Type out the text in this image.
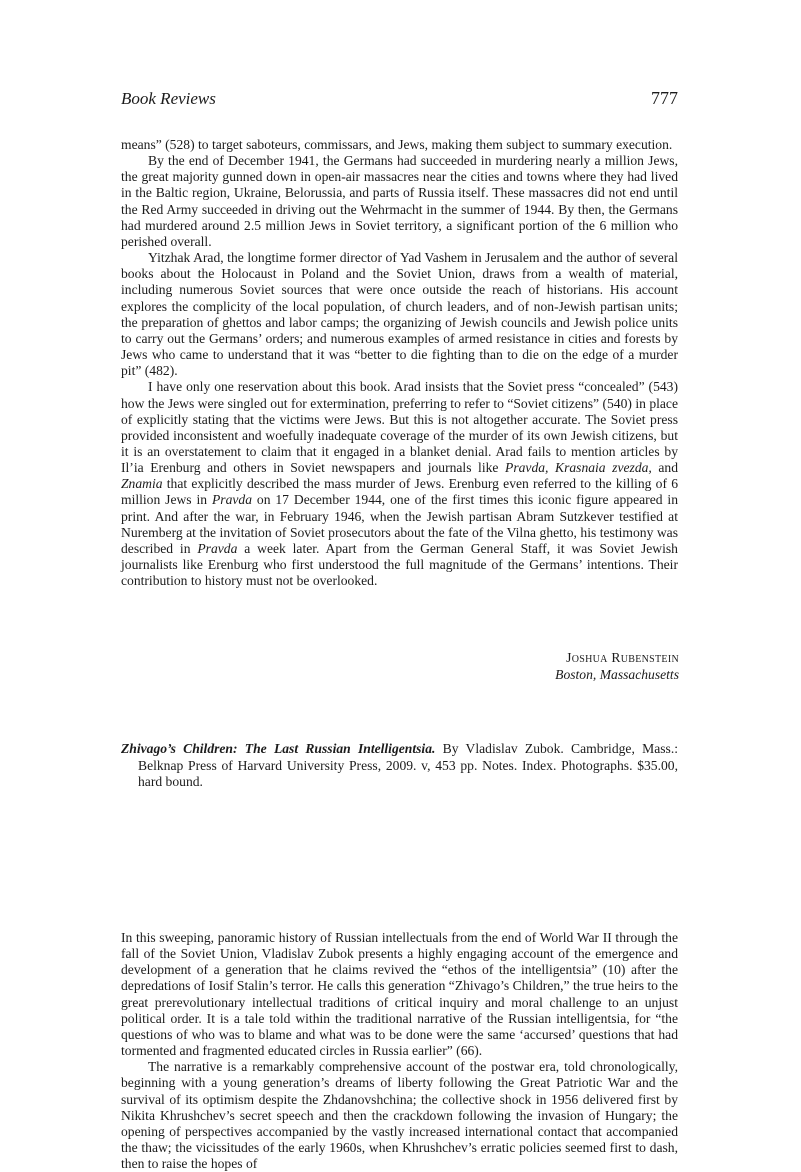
Book Reviews	777

means” (528) to target saboteurs, commissars, and Jews, making them subject to summary execution.

By the end of December 1941, the Germans had succeeded in murdering nearly a million Jews, the great majority gunned down in open-air massacres near the cities and towns where they had lived in the Baltic region, Ukraine, Belorussia, and parts of Russia itself. These massacres did not end until the Red Army succeeded in driving out the Wehrmacht in the summer of 1944. By then, the Germans had murdered around 2.5 million Jews in Soviet territory, a significant portion of the 6 million who perished overall.

Yitzhak Arad, the longtime former director of Yad Vashem in Jerusalem and the author of several books about the Holocaust in Poland and the Soviet Union, draws from a wealth of material, including numerous Soviet sources that were once outside the reach of historians. His account explores the complicity of the local population, of church leaders, and of non-Jewish partisan units; the preparation of ghettos and labor camps; the organizing of Jewish councils and Jewish police units to carry out the Germans’ orders; and numerous examples of armed resistance in cities and forests by Jews who came to understand that it was “better to die fighting than to die on the edge of a murder pit” (482).

I have only one reservation about this book. Arad insists that the Soviet press “concealed” (543) how the Jews were singled out for extermination, preferring to refer to “Soviet citizens” (540) in place of explicitly stating that the victims were Jews. But this is not altogether accurate. The Soviet press provided inconsistent and woefully inadequate coverage of the murder of its own Jewish citizens, but it is an overstatement to claim that it engaged in a blanket denial. Arad fails to mention articles by Il’ia Erenburg and others in Soviet newspapers and journals like Pravda, Krasnaia zvezda, and Znamia that explicitly described the mass murder of Jews. Erenburg even referred to the killing of 6 million Jews in Pravda on 17 December 1944, one of the first times this iconic figure appeared in print. And after the war, in February 1946, when the Jewish partisan Abram Sutzkever testified at Nuremberg at the invitation of Soviet prosecutors about the fate of the Vilna ghetto, his testimony was described in Pravda a week later. Apart from the German General Staff, it was Soviet Jewish journalists like Erenburg who first understood the full magnitude of the Germans’ intentions. Their contribution to history must not be overlooked.

Joshua Rubenstein
Boston, Massachusetts
Zhivago’s Children: The Last Russian Intelligentsia. By Vladislav Zubok. Cambridge, Mass.: Belknap Press of Harvard University Press, 2009. v, 453 pp. Notes. Index. Photographs. $35.00, hard bound.

In this sweeping, panoramic history of Russian intellectuals from the end of World War II through the fall of the Soviet Union, Vladislav Zubok presents a highly engaging account of the emergence and development of a generation that he claims revived the “ethos of the intelligentsia” (10) after the depredations of Iosif Stalin’s terror. He calls this generation “Zhivago’s Children,” the true heirs to the great prerevolutionary intellectual traditions of critical inquiry and moral challenge to an unjust political order. It is a tale told within the traditional narrative of the Russian intelligentsia, for “the questions of who was to blame and what was to be done were the same ‘accursed’ questions that had tormented and fragmented educated circles in Russia earlier” (66).

The narrative is a remarkably comprehensive account of the postwar era, told chronologically, beginning with a young generation’s dreams of liberty following the Great Patriotic War and the survival of its optimism despite the Zhdanovshchina; the collective shock in 1956 delivered first by Nikita Khrushchev’s secret speech and then the crackdown following the invasion of Hungary; the opening of perspectives accompanied by the vastly increased international contact that accompanied the thaw; the vicissitudes of the early 1960s, when Khrushchev’s erratic policies seemed first to dash, then to raise the hopes of
